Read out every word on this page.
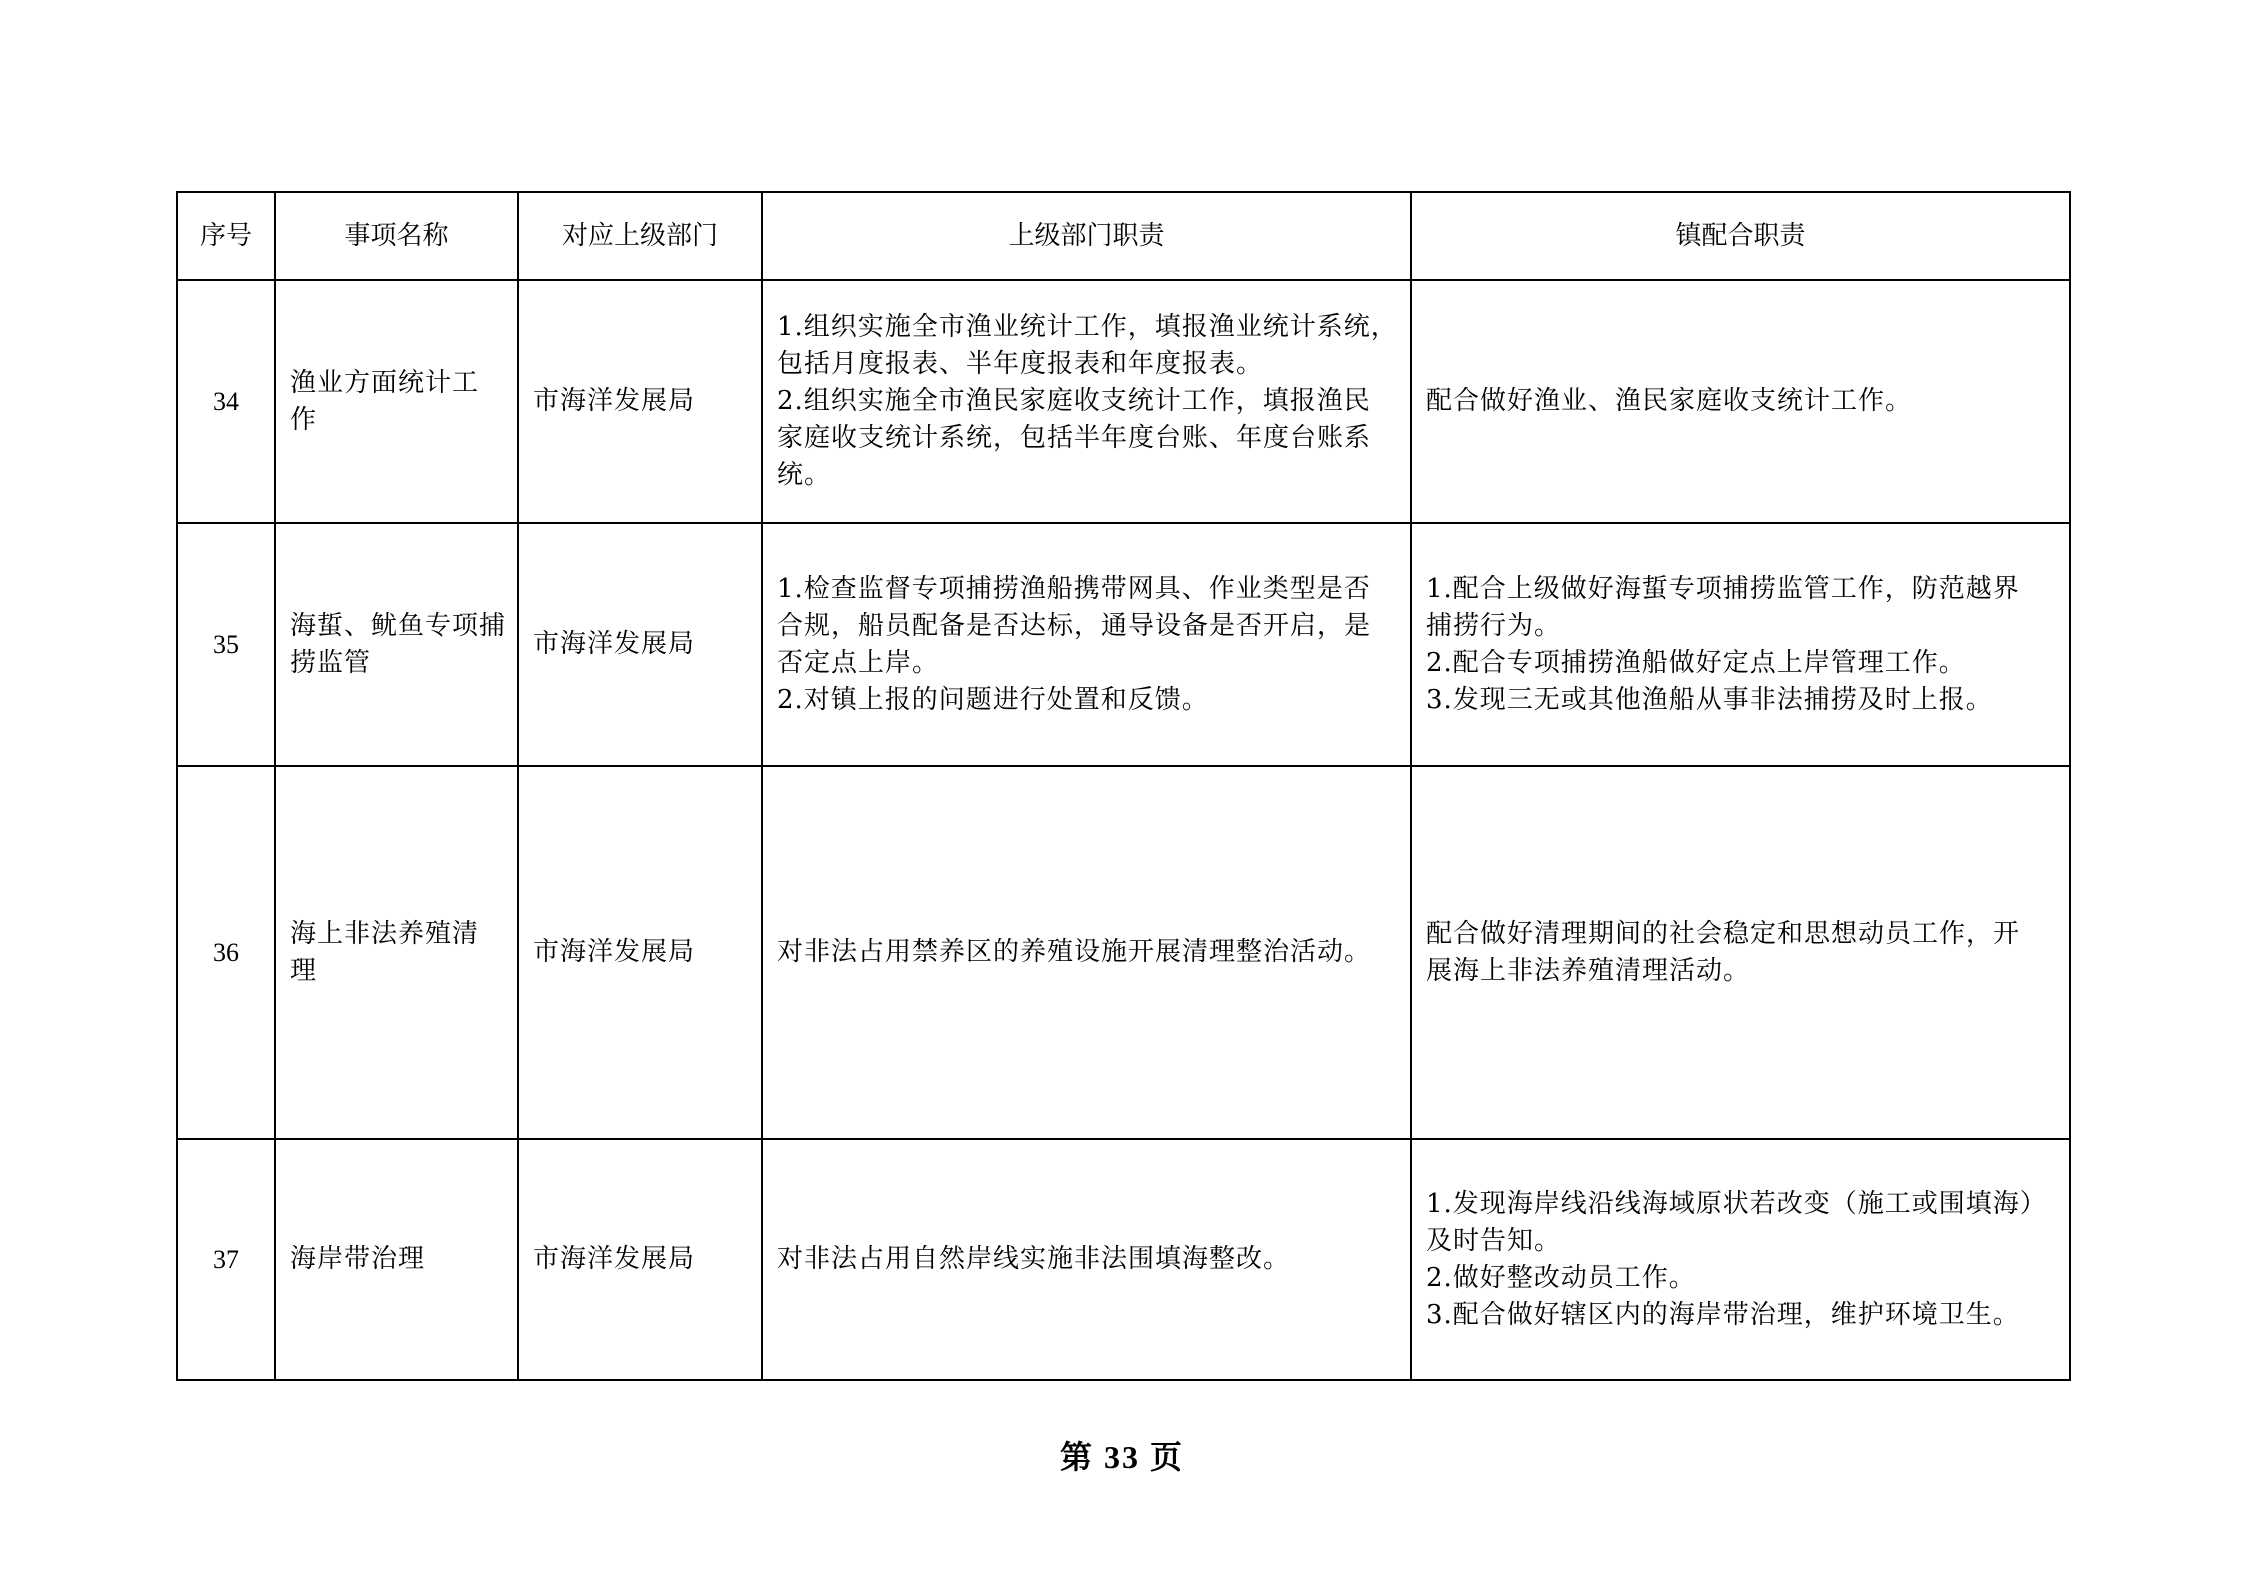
序号	事项名称	对应上级部门	上级部门职责	镇配合职责
34	渔业方面统计工
作	市海洋发展局	1.组织实施全市渔业统计工作，填报渔业统计系统，
包括月度报表、半年度报表和年度报表。
2.组织实施全市渔民家庭收支统计工作，填报渔民
家庭收支统计系统，包括半年度台账、年度台账系
统。	配合做好渔业、渔民家庭收支统计工作。

35	海蜇、鱿鱼专项捕
捞监管	市海洋发展局	1.检查监督专项捕捞渔船携带网具、作业类型是否
合规，船员配备是否达标，通导设备是否开启，是
否定点上岸。
2.对镇上报的问题进行处置和反馈。	1.配合上级做好海蜇专项捕捞监管工作，防范越界
捕捞行为。
2.配合专项捕捞渔船做好定点上岸管理工作。
3.发现三无或其他渔船从事非法捕捞及时上报。

36	海上非法养殖清
理	市海洋发展局	对非法占用禁养区的养殖设施开展清理整治活动。	配合做好清理期间的社会稳定和思想动员工作，开
展海上非法养殖清理活动。

37	海岸带治理	市海洋发展局	对非法占用自然岸线实施非法围填海整改。	1.发现海岸线沿线海域原状若改变（施工或围填海）
及时告知。
2.做好整改动员工作。
3.配合做好辖区内的海岸带治理，维护环境卫生。
第 33 页
